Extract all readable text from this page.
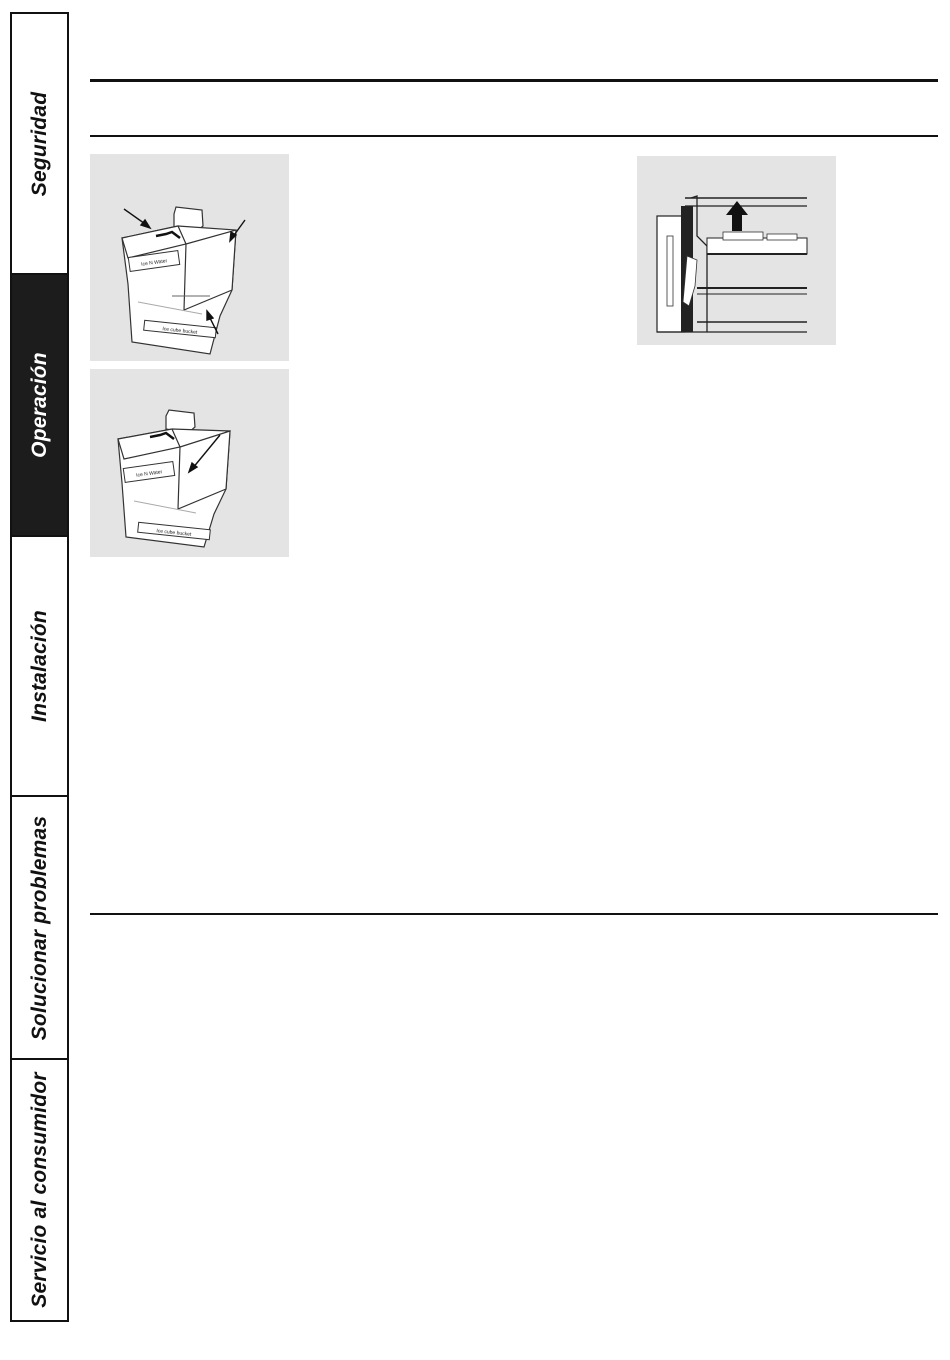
Seguridad
Operación
Instalación
Solucionar problemas
Servicio al consumidor
Ice N Water
Ice cube bucket
Ice N Water
Ice cube bucket
